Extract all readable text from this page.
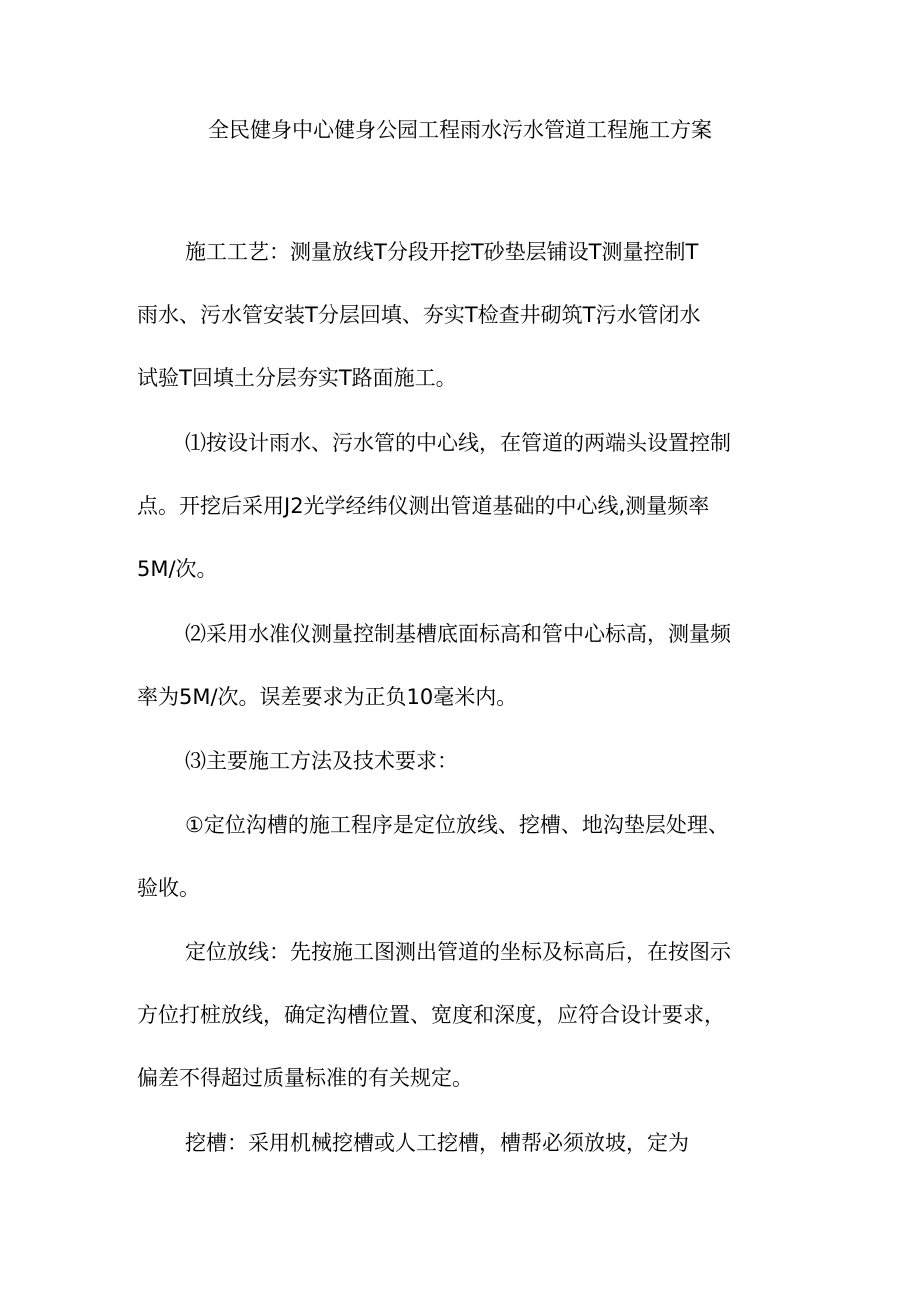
全民健身中心健身公园工程雨水污水管道工程施工方案
施工工艺：测量放线T分段开挖T砂垫层铺设T测量控制T
雨水、污水管安装T分层回填、夯实T检查井砌筑T污水管闭水
试验T回填土分层夯实T路面施工。
⑴按设计雨水、污水管的中心线，在管道的两端头设置控制
点。开挖后采用J2光学经纬仪测出管道基础的中心线,测量频率
5M/次。
⑵采用水准仪测量控制基槽底面标高和管中心标高，测量频
率为5M/次。误差要求为正负10毫米内。
⑶主要施工方法及技术要求：
①定位沟槽的施工程序是定位放线、挖槽、地沟垫层处理、
验收。
定位放线：先按施工图测出管道的坐标及标高后，在按图示
方位打桩放线，确定沟槽位置、宽度和深度，应符合设计要求，
偏差不得超过质量标准的有关规定。
挖槽：采用机械挖槽或人工挖槽，槽帮必须放坡，定为
